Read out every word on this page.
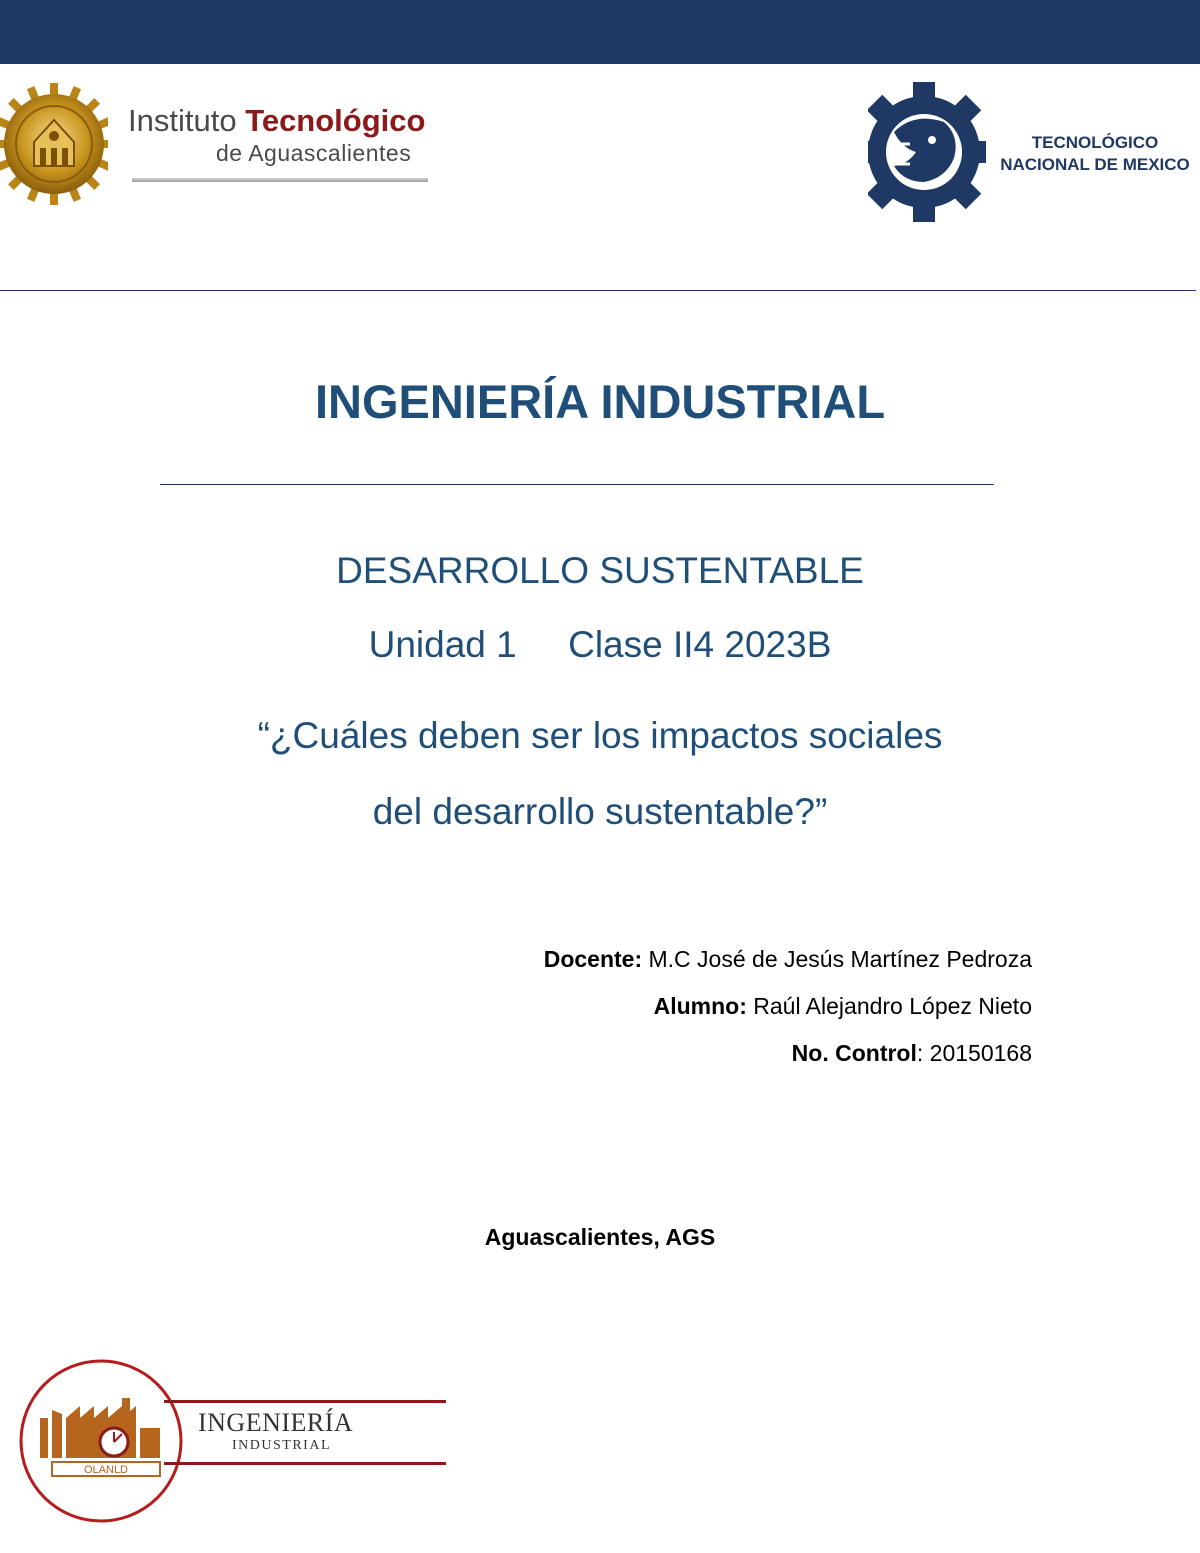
Instituto Tecnológico
de Aguascalientes	TECNOLÓGICO
NACIONAL DE MEXICO
INGENIERÍA INDUSTRIAL
DESARROLLO SUSTENTABLE
Unidad 1 Clase II4 2023B
“¿Cuáles deben ser los impactos sociales
del desarrollo sustentable?”
Docente: M.C José de Jesús Martínez Pedroza
Alumno: Raúl Alejandro López Nieto
No. Control: 20150168
Aguascalientes, AGS
OLANLD
INGENIERÍA
INDUSTRIAL
